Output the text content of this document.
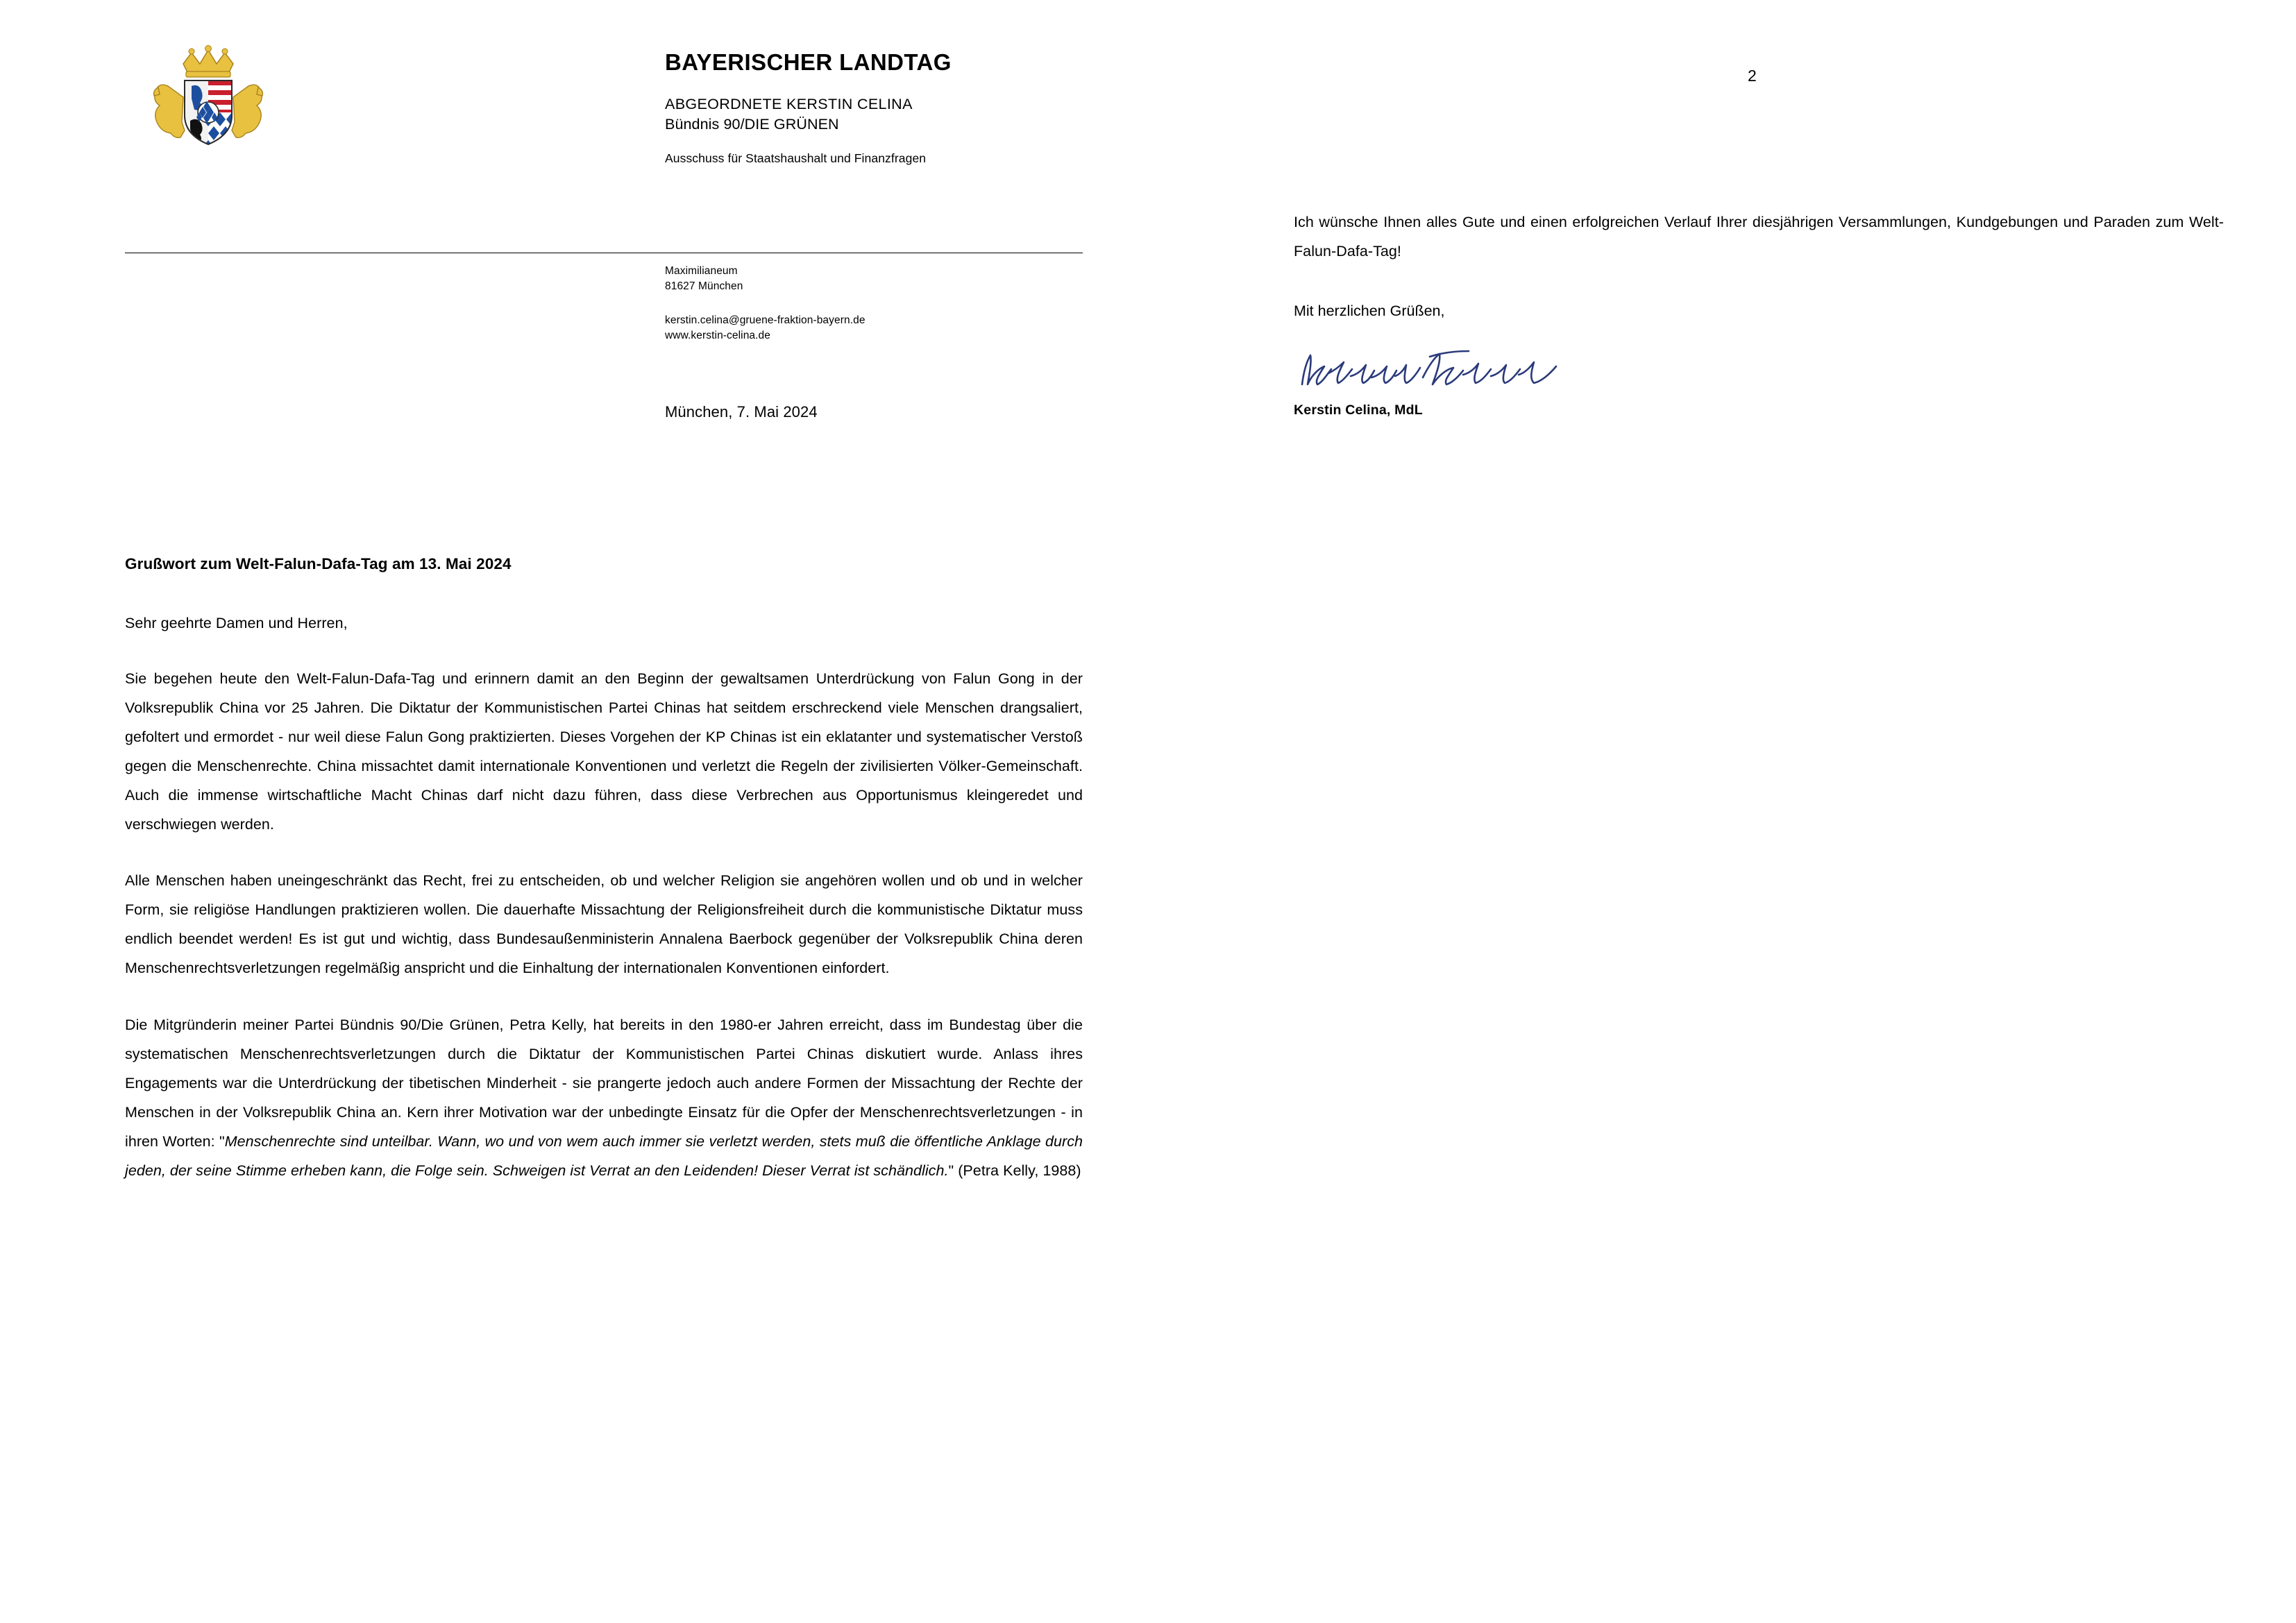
BAYERISCHER LANDTAG
ABGEORDNETE KERSTIN CELINA
Bündnis 90/DIE GRÜNEN
Ausschuss für Staatshaushalt und Finanzfragen
Maximilianeum
81627 München
kerstin.celina@gruene-fraktion-bayern.de
www.kerstin-celina.de
München, 7. Mai 2024
Grußwort zum Welt-Falun-Dafa-Tag am 13. Mai 2024

Sehr geehrte Damen und Herren,

Sie begehen heute den Welt-Falun-Dafa-Tag und erinnern damit an den Beginn der gewaltsamen Unterdrückung von Falun Gong in der Volksrepublik China vor 25 Jahren. Die Diktatur der Kommunistischen Partei Chinas hat seitdem erschreckend viele Menschen drangsaliert, gefoltert und ermordet - nur weil diese Falun Gong praktizierten. Dieses Vorgehen der KP Chinas ist ein eklatanter und systematischer Verstoß gegen die Menschenrechte. China missachtet damit internationale Konventionen und verletzt die Regeln der zivilisierten Völker-Gemeinschaft. Auch die immense wirtschaftliche Macht Chinas darf nicht dazu führen, dass diese Verbrechen aus Opportunismus kleingeredet und verschwiegen werden.

Alle Menschen haben uneingeschränkt das Recht, frei zu entscheiden, ob und welcher Religion sie angehören wollen und ob und in welcher Form, sie religiöse Handlungen praktizieren wollen. Die dauerhafte Missachtung der Religionsfreiheit durch die kommunistische Diktatur muss endlich beendet werden! Es ist gut und wichtig, dass Bundesaußenministerin Annalena Baerbock gegenüber der Volksrepublik China deren Menschenrechtsverletzungen regelmäßig anspricht und die Einhaltung der internationalen Konventionen einfordert.

Die Mitgründerin meiner Partei Bündnis 90/Die Grünen, Petra Kelly, hat bereits in den 1980-er Jahren erreicht, dass im Bundestag über die systematischen Menschenrechtsverletzungen durch die Diktatur der Kommunistischen Partei Chinas diskutiert wurde. Anlass ihres Engagements war die Unterdrückung der tibetischen Minderheit - sie prangerte jedoch auch andere Formen der Missachtung der Rechte der Menschen in der Volksrepublik China an. Kern ihrer Motivation war der unbedingte Einsatz für die Opfer der Menschenrechtsverletzungen - in ihren Worten: "Menschenrechte sind unteilbar. Wann, wo und von wem auch immer sie verletzt werden, stets muß die öffentliche Anklage durch jeden, der seine Stimme erheben kann, die Folge sein. Schweigen ist Verrat an den Leidenden! Dieser Verrat ist schändlich." (Petra Kelly, 1988)

2

Ich wünsche Ihnen alles Gute und einen erfolgreichen Verlauf Ihrer diesjährigen Versammlungen, Kundgebungen und Paraden zum Welt-Falun-Dafa-Tag!

Mit herzlichen Grüßen,
Kerstin Celina, MdL
